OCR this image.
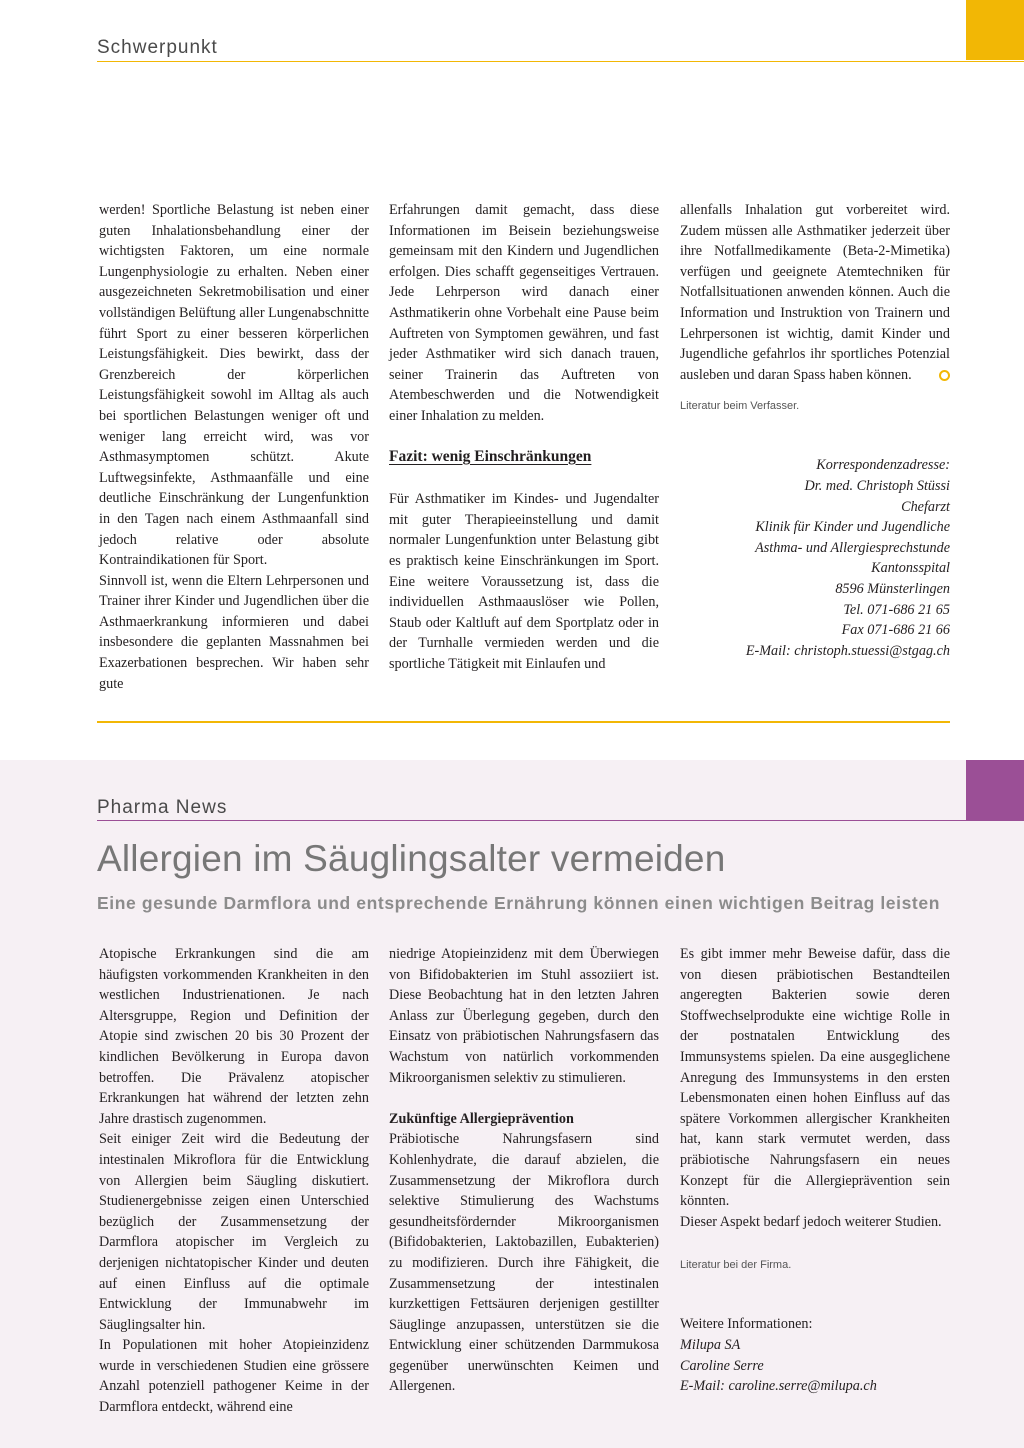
Schwerpunkt

werden! Sportliche Belastung ist neben einer guten Inhalationsbehandlung einer der wichtigsten Faktoren, um eine normale Lungenphysiologie zu erhalten. Neben einer ausgezeichneten Sekretmobilisation und einer vollständigen Belüftung aller Lungenabschnitte führt Sport zu einer besseren körperlichen Leistungsfähigkeit. Dies bewirkt, dass der Grenzbereich der körperlichen Leistungsfähigkeit sowohl im Alltag als auch bei sportlichen Belastungen weniger oft und weniger lang erreicht wird, was vor Asthmasymptomen schützt. Akute Luftwegsinfekte, Asthmaanfälle und eine deutliche Einschränkung der Lungenfunktion in den Tagen nach einem Asthmaanfall sind jedoch relative oder absolute Kontraindikationen für Sport.

Sinnvoll ist, wenn die Eltern Lehrpersonen und Trainer ihrer Kinder und Jugendlichen über die Asthmaerkrankung informieren und dabei insbesondere die geplanten Massnahmen bei Exazerbationen besprechen. Wir haben sehr gute

Erfahrungen damit gemacht, dass diese Informationen im Beisein beziehungsweise gemeinsam mit den Kindern und Jugendlichen erfolgen. Dies schafft gegenseitiges Vertrauen. Jede Lehrperson wird danach einer Asthmatikerin ohne Vorbehalt eine Pause beim Auftreten von Symptomen gewähren, und fast jeder Asthmatiker wird sich danach trauen, seiner Trainerin das Auftreten von Atembeschwerden und die Notwendigkeit einer Inhalation zu melden.

Fazit: wenig Einschränkungen

Für Asthmatiker im Kindes- und Jugendalter mit guter Therapieeinstellung und damit normaler Lungenfunktion unter Belastung gibt es praktisch keine Einschränkungen im Sport. Eine weitere Voraussetzung ist, dass die individuellen Asthmaauslöser wie Pollen, Staub oder Kaltluft auf dem Sportplatz oder in der Turnhalle vermieden werden und die sportliche Tätigkeit mit Einlaufen und

allenfalls Inhalation gut vorbereitet wird. Zudem müssen alle Asthmatiker jederzeit über ihre Notfallmedikamente (Beta-2-Mimetika) verfügen und geeignete Atemtechniken für Notfallsituationen anwenden können. Auch die Information und Instruktion von Trainern und Lehrpersonen ist wichtig, damit Kinder und Jugendliche gefahrlos ihr sportliches Potenzial ausleben und daran Spass haben können.

Literatur beim Verfasser.

Korrespondenzadresse:
Dr. med. Christoph Stüssi
Chefarzt
Klinik für Kinder und Jugendliche
Asthma- und Allergiesprechstunde
Kantonsspital
8596 Münsterlingen
Tel. 071-686 21 65
Fax 071-686 21 66
E-Mail: christoph.stuessi@stgag.ch
Pharma News
Allergien im Säuglingsalter vermeiden
Eine gesunde Darmflora und entsprechende Ernährung können einen wichtigen Beitrag leisten

Atopische Erkrankungen sind die am häufigsten vorkommenden Krankheiten in den westlichen Industrienationen. Je nach Altersgruppe, Region und Definition der Atopie sind zwischen 20 bis 30 Prozent der kindlichen Bevölkerung in Europa davon betroffen. Die Prävalenz atopischer Erkrankungen hat während der letzten zehn Jahre drastisch zugenommen.

Seit einiger Zeit wird die Bedeutung der intestinalen Mikroflora für die Entwicklung von Allergien beim Säugling diskutiert. Studienergebnisse zeigen einen Unterschied bezüglich der Zusammensetzung der Darmflora atopischer im Vergleich zu derjenigen nichtatopischer Kinder und deuten auf einen Einfluss auf die optimale Entwicklung der Immunabwehr im Säuglingsalter hin.

In Populationen mit hoher Atopieinzidenz wurde in verschiedenen Studien eine grössere Anzahl potenziell pathogener Keime in der Darmflora entdeckt, während eine

niedrige Atopieinzidenz mit dem Überwiegen von Bifidobakterien im Stuhl assoziiert ist. Diese Beobachtung hat in den letzten Jahren Anlass zur Überlegung gegeben, durch den Einsatz von präbiotischen Nahrungsfasern das Wachstum von natürlich vorkommenden Mikroorganismen selektiv zu stimulieren.

Zukünftige Allergieprävention

Präbiotische Nahrungsfasern sind Kohlenhydrate, die darauf abzielen, die Zusammensetzung der Mikroflora durch selektive Stimulierung des Wachstums gesundheitsfördernder Mikroorganismen (Bifidobakterien, Laktobazillen, Eubakterien) zu modifizieren. Durch ihre Fähigkeit, die Zusammensetzung der intestinalen kurzkettigen Fettsäuren derjenigen gestillter Säuglinge anzupassen, unterstützen sie die Entwicklung einer schützenden Darmmukosa gegenüber unerwünschten Keimen und Allergenen.

Es gibt immer mehr Beweise dafür, dass die von diesen präbiotischen Bestandteilen angeregten Bakterien sowie deren Stoffwechselprodukte eine wichtige Rolle in der postnatalen Entwicklung des Immunsystems spielen. Da eine ausgeglichene Anregung des Immunsystems in den ersten Lebensmonaten einen hohen Einfluss auf das spätere Vorkommen allergischer Krankheiten hat, kann stark vermutet werden, dass präbiotische Nahrungsfasern ein neues Konzept für die Allergieprävention sein könnten.

Dieser Aspekt bedarf jedoch weiterer Studien.

Literatur bei der Firma.

Weitere Informationen:
Milupa SA
Caroline Serre
E-Mail: caroline.serre@milupa.ch
